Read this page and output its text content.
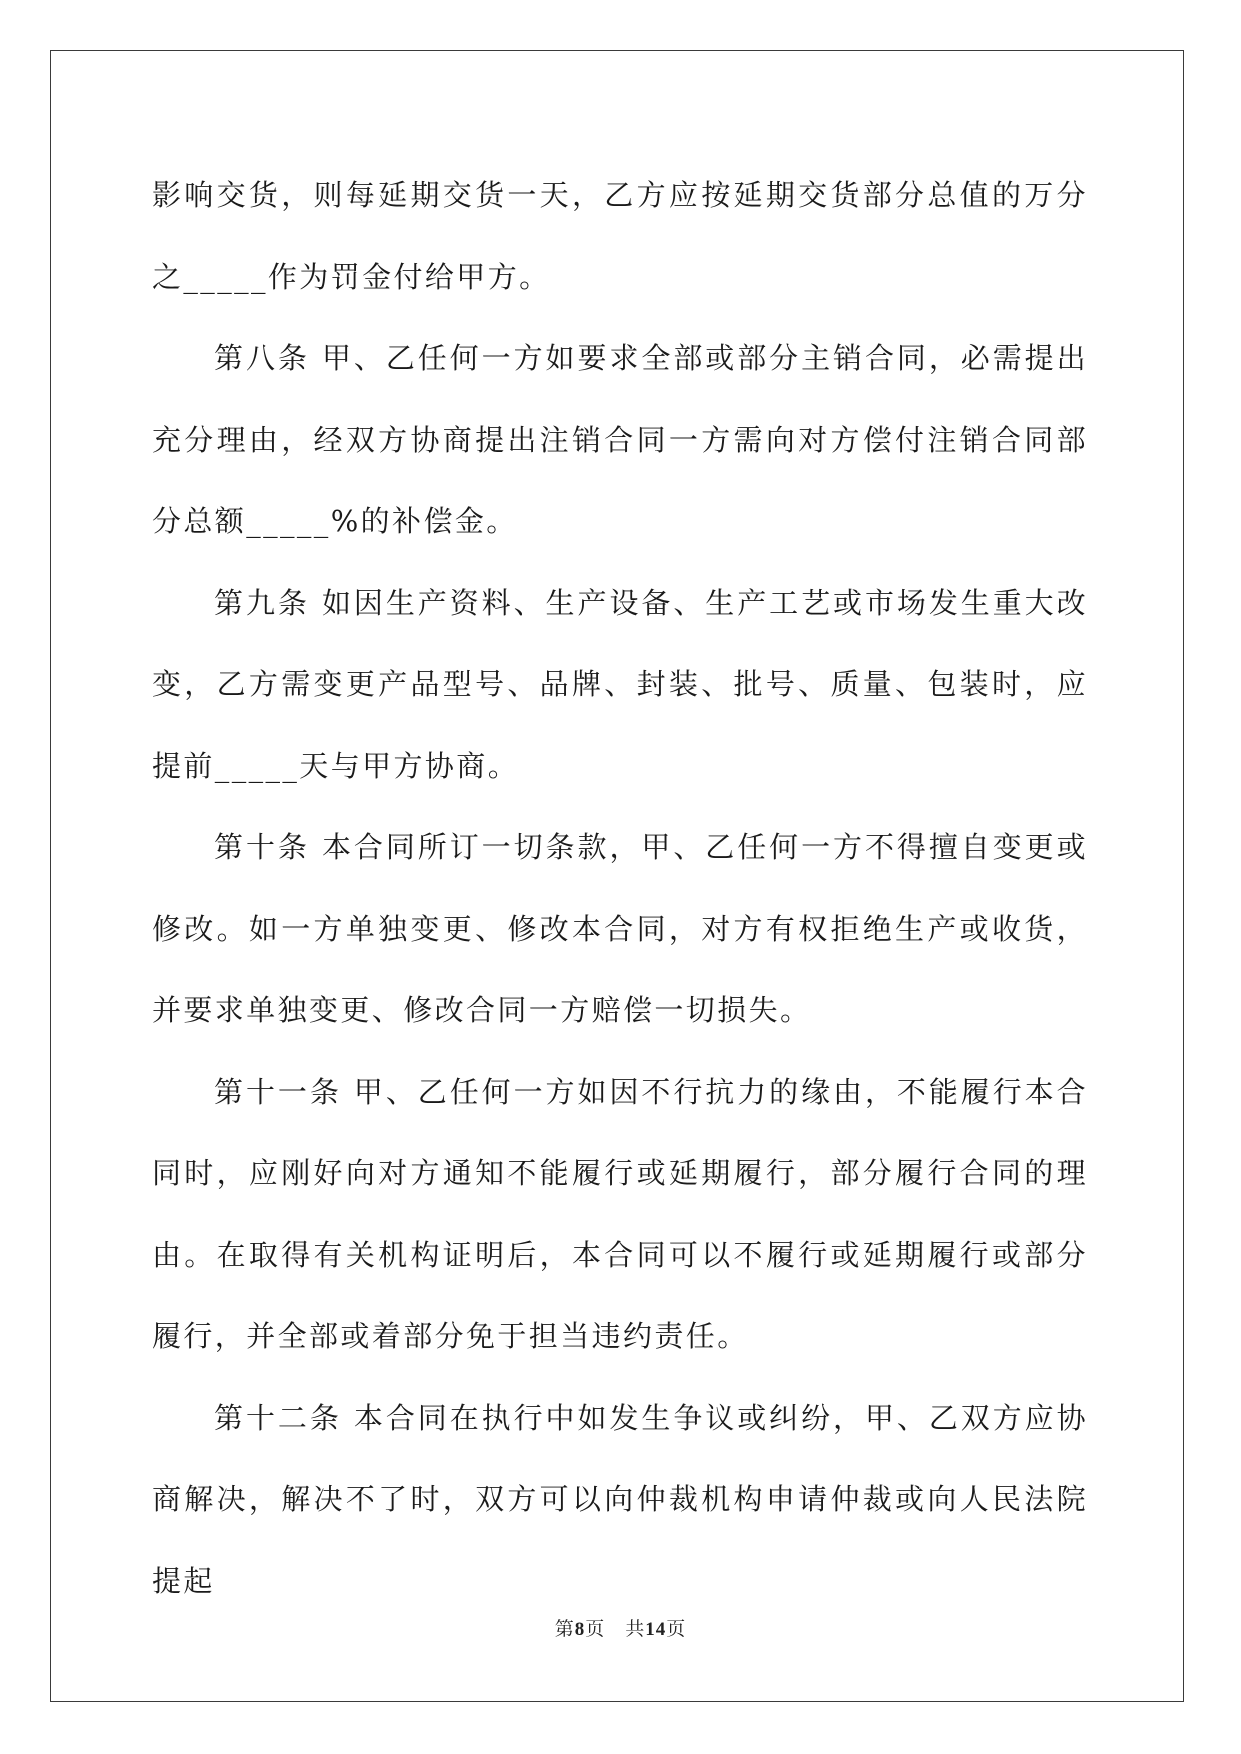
影响交货，则每延期交货一天，乙方应按延期交货部分总值的万分之_____作为罚金付给甲方。

第八条 甲、乙任何一方如要求全部或部分主销合同，必需提出充分理由，经双方协商提出注销合同一方需向对方偿付注销合同部分总额_____%的补偿金。

第九条 如因生产资料、生产设备、生产工艺或市场发生重大改变，乙方需变更产品型号、品牌、封装、批号、质量、包装时，应提前_____天与甲方协商。

第十条 本合同所订一切条款，甲、乙任何一方不得擅自变更或修改。如一方单独变更、修改本合同，对方有权拒绝生产或收货，并要求单独变更、修改合同一方赔偿一切损失。

第十一条 甲、乙任何一方如因不行抗力的缘由，不能履行本合同时，应刚好向对方通知不能履行或延期履行，部分履行合同的理由。在取得有关机构证明后，本合同可以不履行或延期履行或部分履行，并全部或着部分免于担当违约责任。

第十二条 本合同在执行中如发生争议或纠纷，甲、乙双方应协商解决，解决不了时，双方可以向仲裁机构申请仲裁或向人民法院提起

第8页 共14页
